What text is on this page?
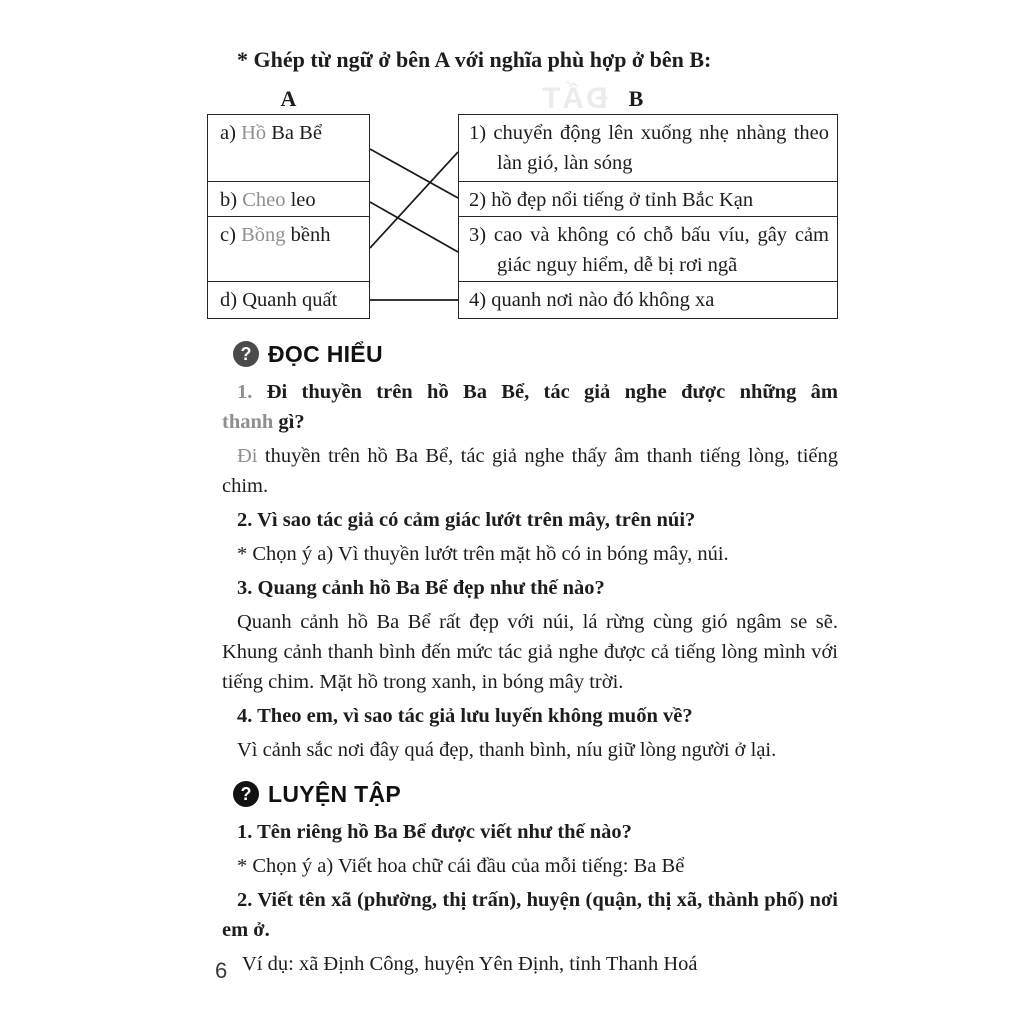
ĐẤT

* Ghép từ ngữ ở bên A với nghĩa phù hợp ở bên B:

A	B
a) Hồ Ba Bể
b) Cheo leo
c) Bồng bềnh
d) Quanh quất
1) chuyển động lên xuống nhẹ nhàng theo làn gió, làn sóng
2) hồ đẹp nổi tiếng ở tỉnh Bắc Kạn
3) cao và không có chỗ bấu víu, gây cảm giác nguy hiểm, dễ bị rơi ngã
4) quanh nơi nào đó không xa
? ĐỌC HIỂU

1. Đi thuyền trên hồ Ba Bể, tác giả nghe được những âm
thanh gì?

Đi thuyền trên hồ Ba Bể, tác giả nghe thấy âm thanh tiếng lòng, tiếng chim.

2. Vì sao tác giả có cảm giác lướt trên mây, trên núi?

* Chọn ý a) Vì thuyền lướt trên mặt hồ có in bóng mây, núi.

3. Quang cảnh hồ Ba Bể đẹp như thế nào?

Quanh cảnh hồ Ba Bể rất đẹp với núi, lá rừng cùng gió ngâm se sẽ. Khung cảnh thanh bình đến mức tác giả nghe được cả tiếng lòng mình với tiếng chim. Mặt hồ trong xanh, in bóng mây trời.

4. Theo em, vì sao tác giả lưu luyến không muốn về?

Vì cảnh sắc nơi đây quá đẹp, thanh bình, níu giữ lòng người ở lại.

? LUYỆN TẬP

1. Tên riêng hồ Ba Bể được viết như thế nào?

* Chọn ý a) Viết hoa chữ cái đầu của mỗi tiếng: Ba Bể

2. Viết tên xã (phường, thị trấn), huyện (quận, thị xã, thành phố) nơi em ở.

Ví dụ: xã Định Công, huyện Yên Định, tỉnh Thanh Hoá

6
